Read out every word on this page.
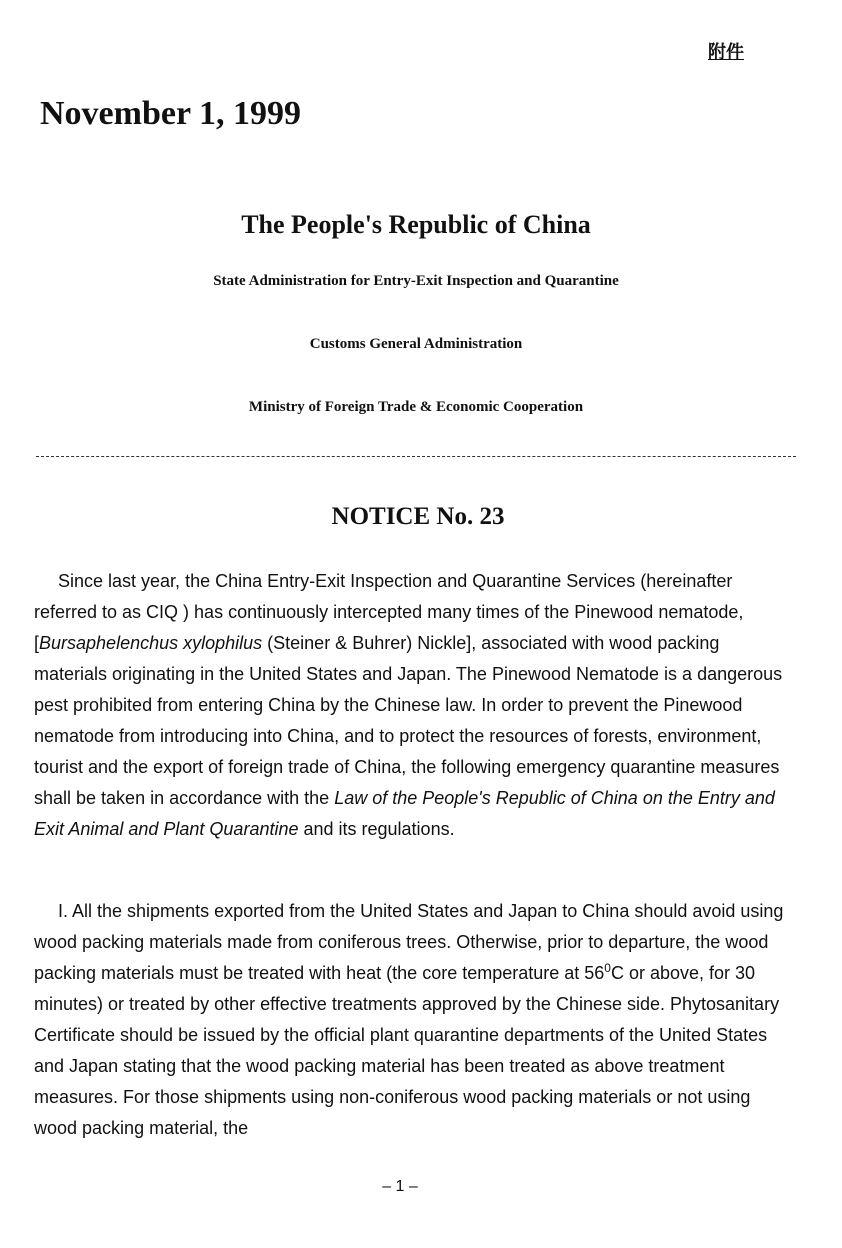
附件
November 1, 1999
The People's Republic of China
State Administration for Entry-Exit Inspection and Quarantine
Customs General Administration
Ministry of Foreign Trade & Economic Cooperation
NOTICE No. 23

Since last year, the China Entry-Exit Inspection and Quarantine Services (hereinafter referred to as CIQ ) has continuously intercepted many times of the Pinewood nematode, [Bursaphelenchus xylophilus (Steiner & Buhrer) Nickle], associated with wood packing materials originating in the United States and Japan. The Pinewood Nematode is a dangerous pest prohibited from entering China by the Chinese law. In order to prevent the Pinewood nematode from introducing into China, and to protect the resources of forests, environment, tourist and the export of foreign trade of China, the following emergency quarantine measures shall be taken in accordance with the Law of the People's Republic of China on the Entry and Exit Animal and Plant Quarantine and its regulations.

I. All the shipments exported from the United States and Japan to China should avoid using wood packing materials made from coniferous trees. Otherwise, prior to departure, the wood packing materials must be treated with heat (the core temperature at $56^0C$ or above, for 30 minutes) or treated by other effective treatments approved by the Chinese side. Phytosanitary Certificate should be issued by the official plant quarantine departments of the United States and Japan stating that the wood packing material has been treated as above treatment measures. For those shipments using non-coniferous wood packing materials or not using wood packing material, the

– 1 –
